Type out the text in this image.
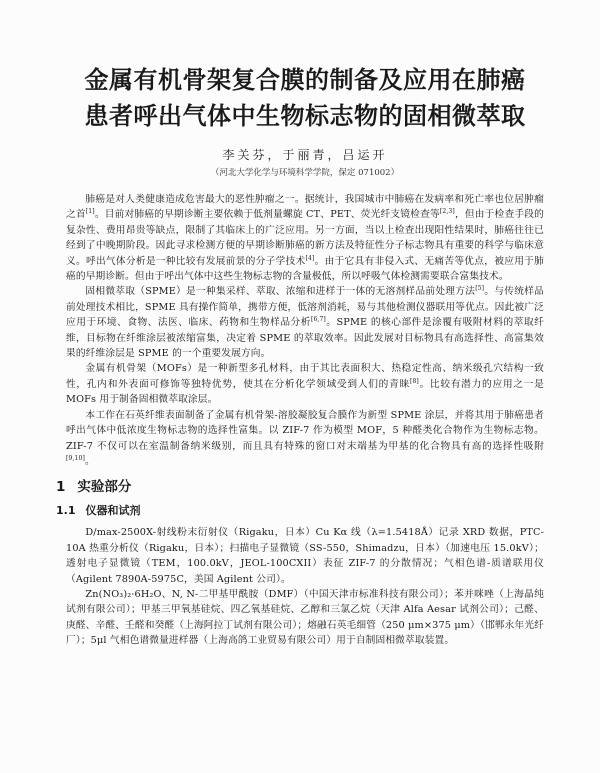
金属有机骨架复合膜的制备及应用在肺癌
患者呼出气体中生物标志物的固相微萃取
李关芬，于丽青，吕运开
（河北大学化学与环境科学学院，保定 071002）

肺癌是对人类健康造成危害最大的恶性肿瘤之一。据统计，我国城市中肺癌在发病率和死亡率也位居肿瘤之首[1]。目前对肺癌的早期诊断主要依赖于低剂量螺旋 CT、PET、荧光纤支镜检查等[2,3]，但由于检查手段的复杂性、费用昂贵等缺点，限制了其临床上的广泛应用。另一方面，当以上检查出现阳性结果时，肺癌往往已经到了中晚期阶段。因此寻求检测方便的早期诊断肺癌的新方法及特征性分子标志物具有重要的科学与临床意义。呼出气体分析是一种比较有发展前景的分子学技术[4]。由于它具有非侵入式、无痛苦等优点，被应用于肺癌的早期诊断。但由于呼出气体中这些生物标志物的含量极低，所以呼吸气体检测需要联合富集技术。

固相微萃取（SPME）是一种集采样、萃取、浓缩和进样于一体的无溶剂样品前处理方法[5]。与传统样品前处理技术相比，SPME 具有操作简单，携带方便，低溶剂消耗，易与其他检测仪器联用等优点。因此被广泛应用于环境、食物、法医、临床、药物和生物样品分析[6,7]。SPME 的核心部件是涂覆有吸附材料的萃取纤维，目标物在纤维涂层被浓缩富集，决定着 SPME 的萃取效率。因此发展对目标物具有高选择性、高富集效果的纤维涂层是 SPME 的一个重要发展方向。

金属有机骨架（MOFs）是一种新型多孔材料，由于其比表面积大、热稳定性高、纳米级孔穴结构一致性，孔内和外表面可修饰等独特优势，使其在分析化学领域受到人们的青睐[8]。比较有潜力的应用之一是 MOFs 用于制备固相微萃取涂层。

本工作在石英纤维表面制备了金属有机骨架-溶胶凝胶复合膜作为新型 SPME 涂层，并将其用于肺癌患者呼出气体中低浓度生物标志物的选择性富集。以 ZIF-7 作为模型 MOF，5 种醛类化合物作为生物标志物。ZIF-7 不仅可以在室温制备纳米级别，而且具有特殊的窗口对末端基为甲基的化合物具有高的选择性吸附[9,10]。

1 实验部分
1.1 仪器和试剂

D/max-2500X-射线粉末衍射仪（Rigaku，日本）Cu Kα 线（λ=1.5418Å）记录 XRD 数据，PTC-10A 热重分析仪（Rigaku，日本）；扫描电子显微镜（SS-550，Shimadzu，日本）（加速电压 15.0kV）；透射电子显微镜（TEM，100.0kV，JEOL-100CXII）表征 ZIF-7 的分散情况；气相色谱-质谱联用仪（Agilent 7890A-5975C，美国 Agilent 公司）。

Zn(NO₃)₂·6H₂O、N, N-二甲基甲酰胺（DMF）（中国天津市标准科技有限公司）；苯并咪唑（上海晶纯试剂有限公司）；甲基三甲氧基硅烷、四乙氧基硅烷、乙醇和三氯乙烷（天津 Alfa Aesar 试剂公司）；己醛、庚醛、辛醛、壬醛和癸醛（上海阿拉丁试剂有限公司）；熔融石英毛细管（250 μm×375 μm）（邯郸永年光纤厂）；5μl 气相色谱微量进样器（上海高鸽工业贸易有限公司）用于自制固相微萃取装置。
